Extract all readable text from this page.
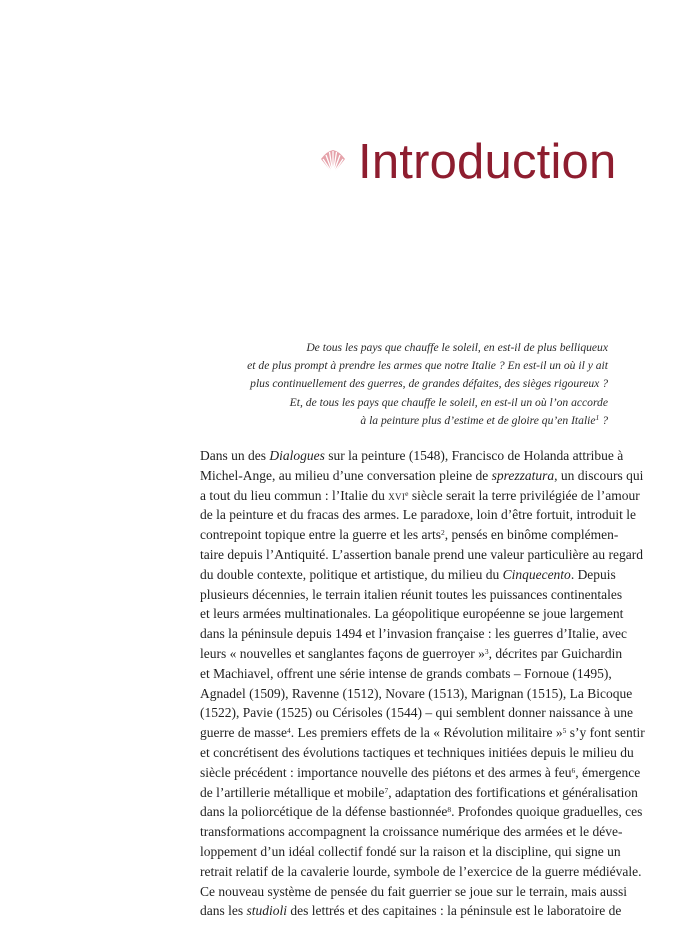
Introduction
De tous les pays que chauffe le soleil, en est-il de plus belliqueux
et de plus prompt à prendre les armes que notre Italie ? En est-il un où il y ait
plus continuellement des guerres, de grandes défaites, des sièges rigoureux ?
Et, de tous les pays que chauffe le soleil, en est-il un où l’on accorde
à la peinture plus d’estime et de gloire qu’en Italie$^1$ ?
Dans un des Dialogues sur la peinture (1548), Francisco de Holanda attribue à
Michel-Ange, au milieu d’une conversation pleine de sprezzatura, un discours qui
a tout du lieu commun : l’Italie du xvi$^e$ siècle serait la terre privilégiée de l’amour
de la peinture et du fracas des armes. Le paradoxe, loin d’être fortuit, introduit le
contrepoint topique entre la guerre et les arts$^2$, pensés en binôme complémen-
taire depuis l’Antiquité. L’assertion banale prend une valeur particulière au regard
du double contexte, politique et artistique, du milieu du Cinquecento. Depuis
plusieurs décennies, le terrain italien réunit toutes les puissances continentales
et leurs armées multinationales. La géopolitique européenne se joue largement
dans la péninsule depuis 1494 et l’invasion française : les guerres d’Italie, avec
leurs « nouvelles et sanglantes façons de guerroyer »$^3$, décrites par Guichardin
et Machiavel, offrent une série intense de grands combats – Fornoue (1495),
Agnadel (1509), Ravenne (1512), Novare (1513), Marignan (1515), La Bicoque
(1522), Pavie (1525) ou Cérisoles (1544) – qui semblent donner naissance à une
guerre de masse$^4$. Les premiers effets de la « Révolution militaire »$^5$ s’y font sentir
et concrétisent des évolutions tactiques et techniques initiées depuis le milieu du
siècle précédent : importance nouvelle des piétons et des armes à feu$^6$, émergence
de l’artillerie métallique et mobile$^7$, adaptation des fortifications et généralisation
dans la poliorcétique de la défense bastionnée$^8$. Profondes quoique graduelles, ces
transformations accompagnent la croissance numérique des armées et le déve-
loppement d’un idéal collectif fondé sur la raison et la discipline, qui signe un
retrait relatif de la cavalerie lourde, symbole de l’exercice de la guerre médiévale.
Ce nouveau système de pensée du fait guerrier se joue sur le terrain, mais aussi
dans les studioli des lettrés et des capitaines : la péninsule est le laboratoire de
